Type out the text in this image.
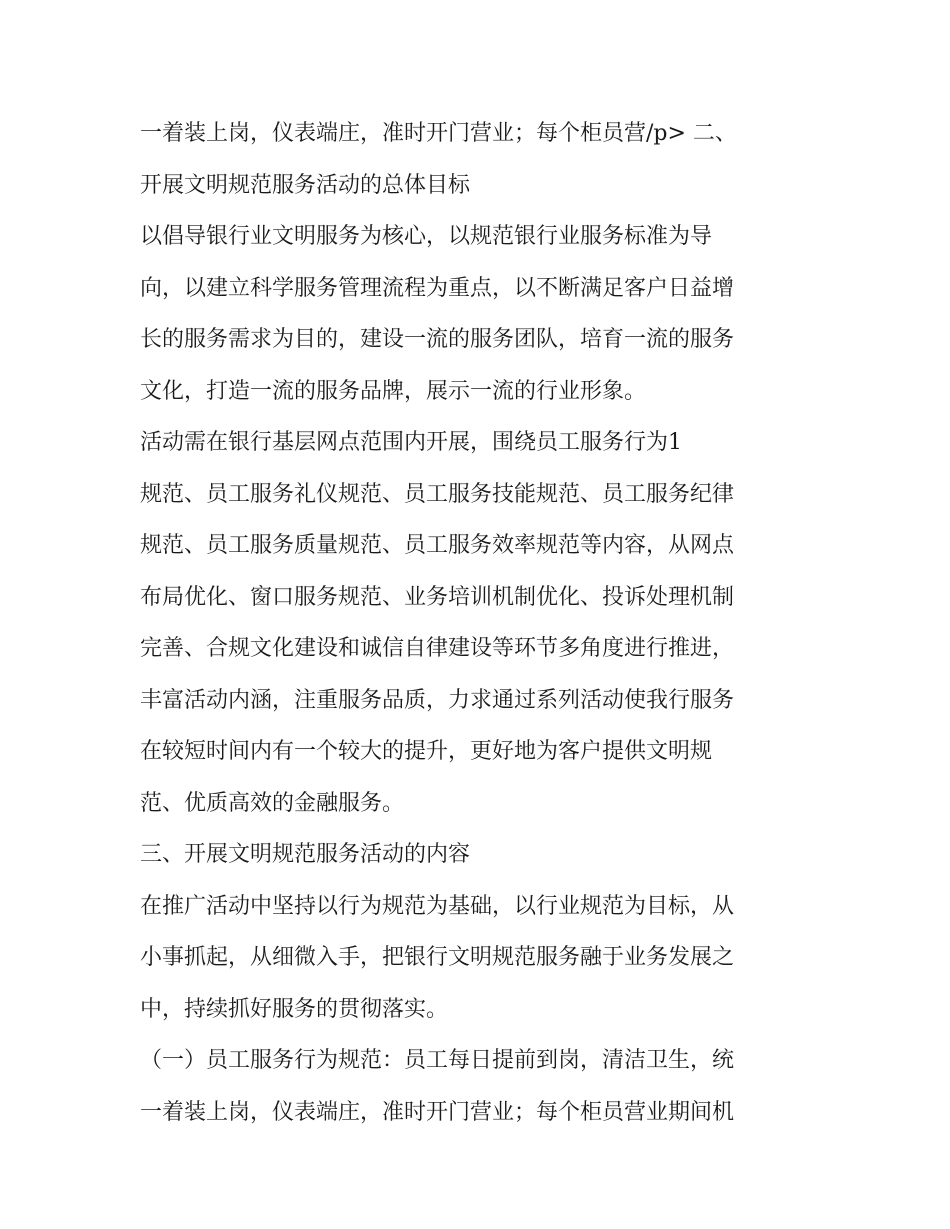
一着装上岗，仪表端庄，准时开门营业；每个柜员营/p> 二、
开展文明规范服务活动的总体目标
以倡导银行业文明服务为核心，以规范银行业服务标准为导
向，以建立科学服务管理流程为重点，以不断满足客户日益增
长的服务需求为目的，建设一流的服务团队，培育一流的服务
文化，打造一流的服务品牌，展示一流的行业形象。
活动需在银行基层网点范围内开展，围绕员工服务行为1
规范、员工服务礼仪规范、员工服务技能规范、员工服务纪律
规范、员工服务质量规范、员工服务效率规范等内容，从网点
布局优化、窗口服务规范、业务培训机制优化、投诉处理机制
完善、合规文化建设和诚信自律建设等环节多角度进行推进，
丰富活动内涵，注重服务品质，力求通过系列活动使我行服务
在较短时间内有一个较大的提升，更好地为客户提供文明规
范、优质高效的金融服务。
三、开展文明规范服务活动的内容
在推广活动中坚持以行为规范为基础，以行业规范为目标，从
小事抓起，从细微入手，把银行文明规范服务融于业务发展之
中，持续抓好服务的贯彻落实。
（一）员工服务行为规范：员工每日提前到岗，清洁卫生，统
一着装上岗，仪表端庄，准时开门营业；每个柜员营业期间机
